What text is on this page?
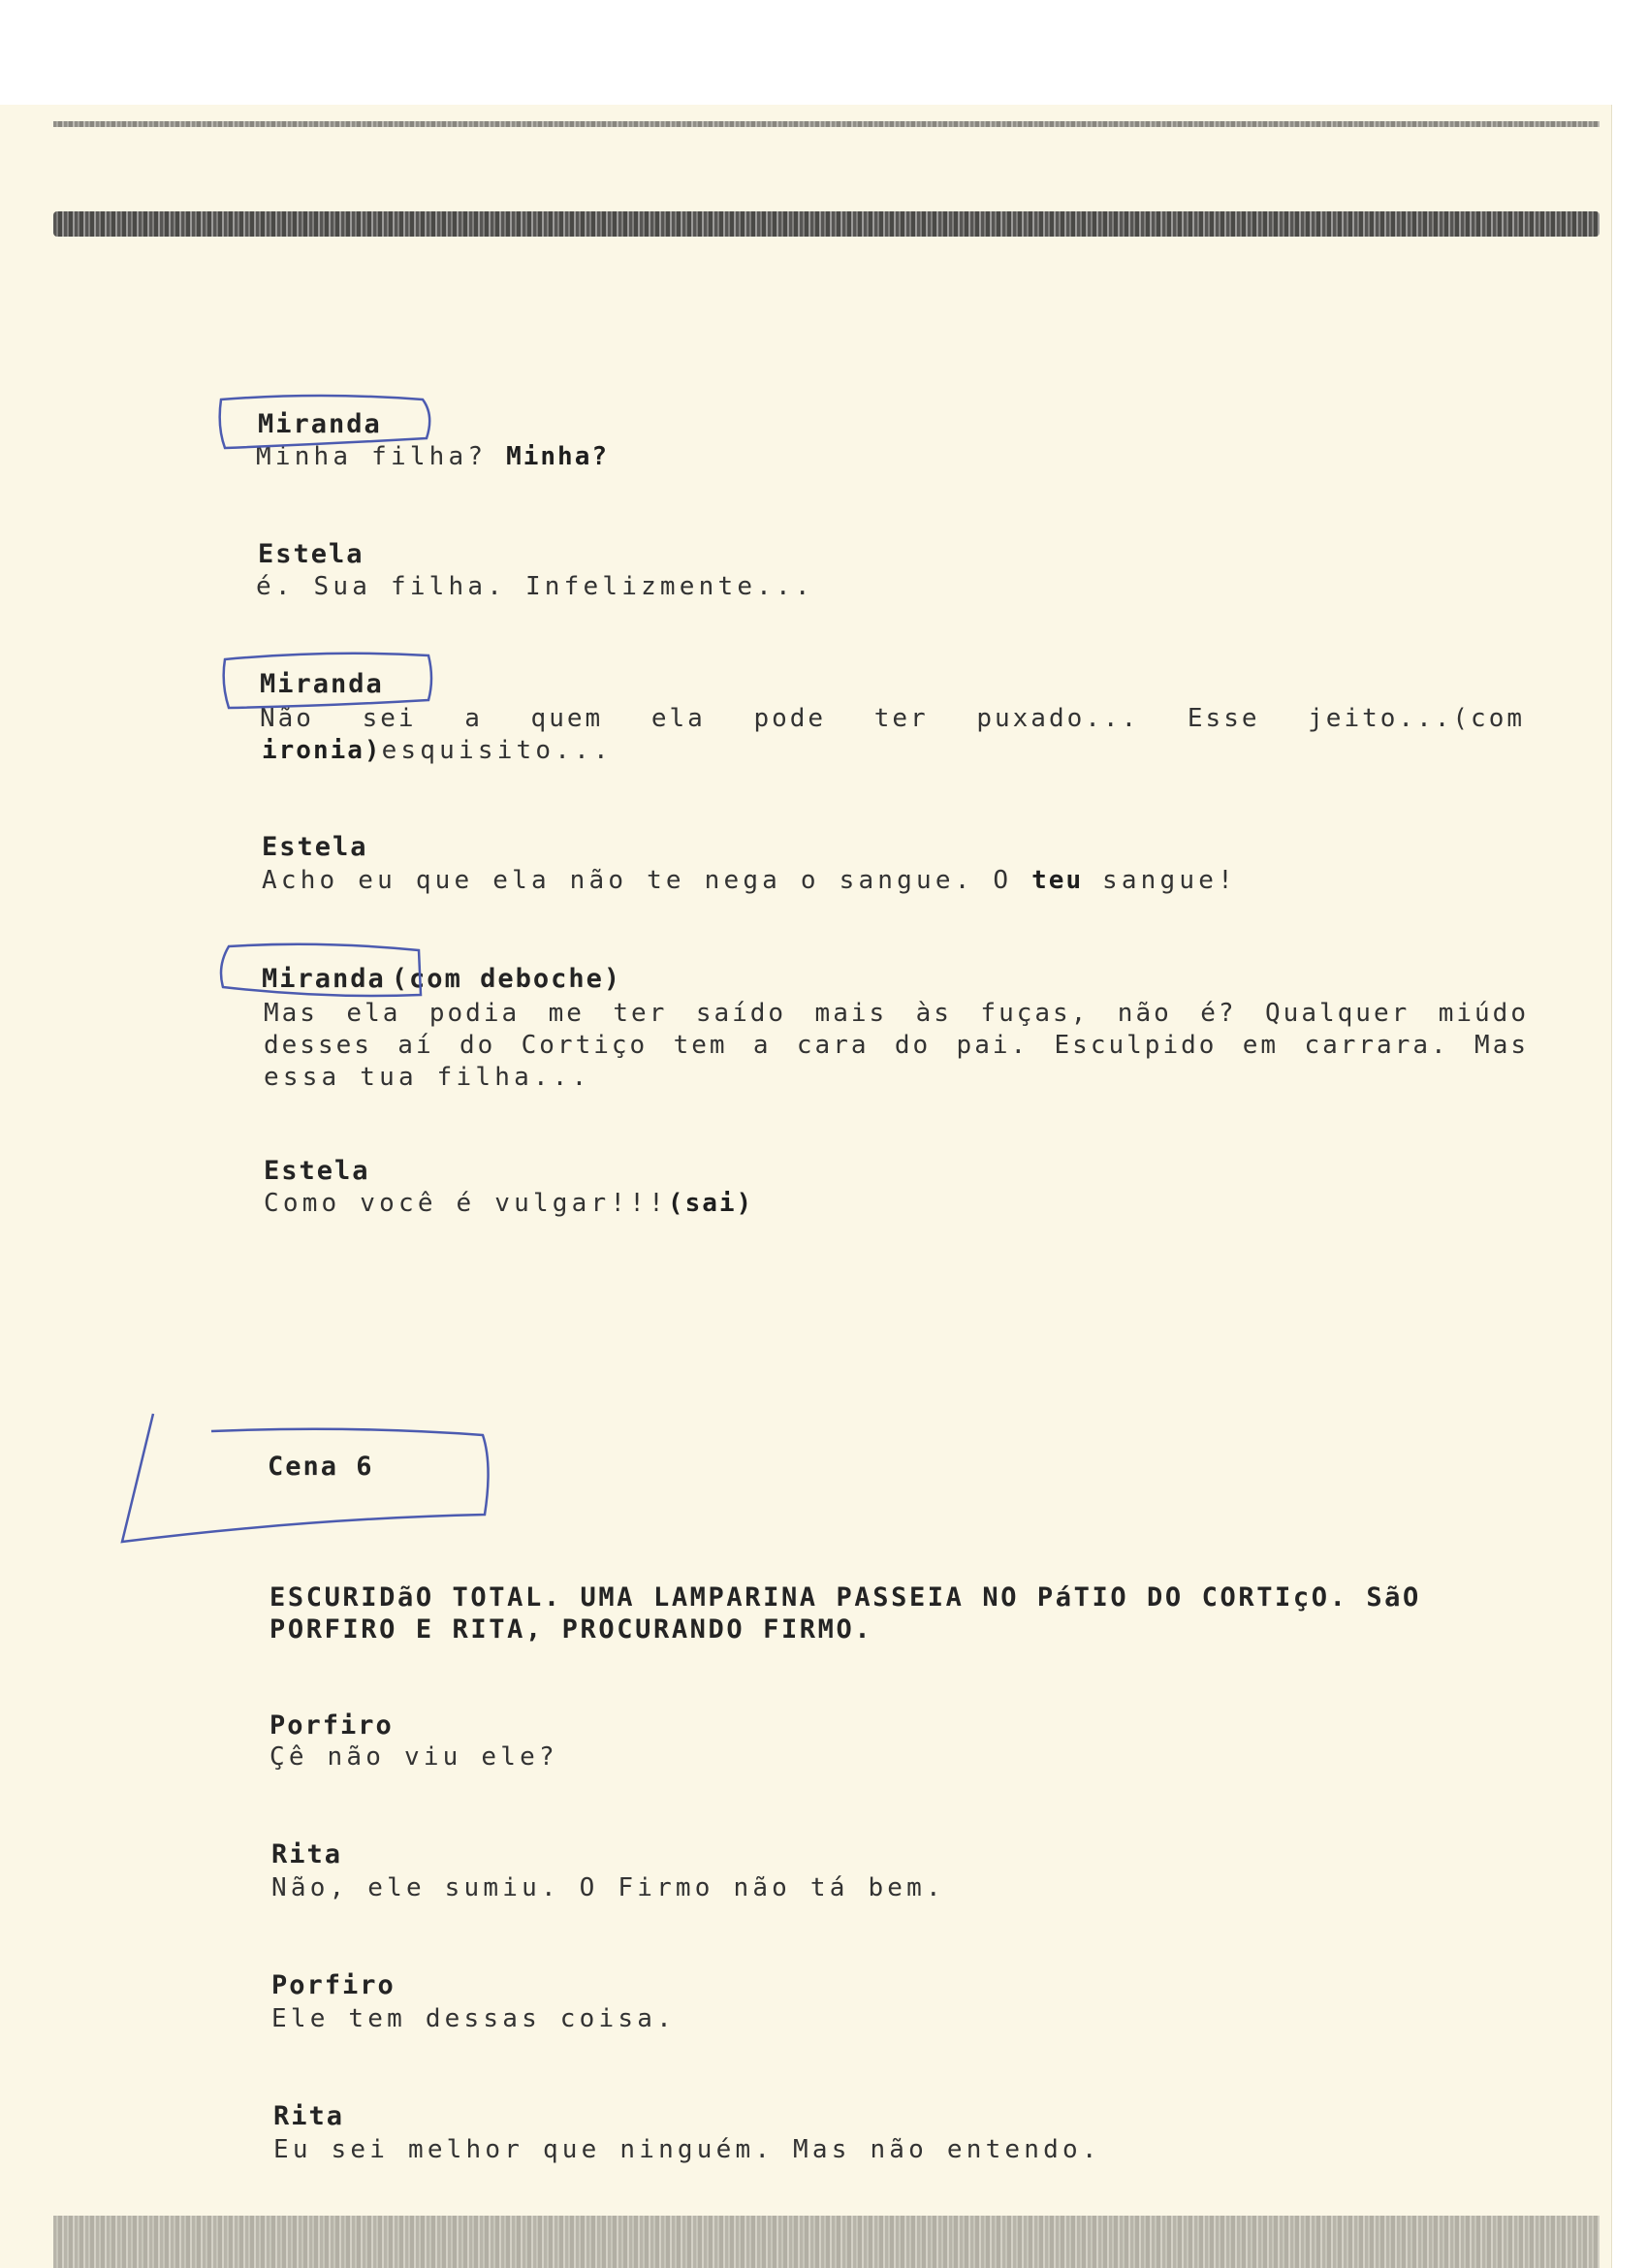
Miranda
Minha filha? Minha?
Estela
é. Sua filha. Infelizmente...
Miranda
Não sei a quem ela pode ter puxado... Esse jeito...(com
ironia)esquisito...
Estela
Acho eu que ela não te nega o sangue. O teu sangue!
Miranda (com deboche)
Mas ela podia me ter saído mais às fuças, não é? Qualquer miúdo
desses aí do Cortiço tem a cara do pai. Esculpido em carrara. Mas
essa tua filha...
Estela
Como você é vulgar!!!(sai)
Cena 6
ESCURIDãO TOTAL. UMA LAMPARINA PASSEIA NO PáTIO DO CORTIçO. SãO
PORFIRO E RITA, PROCURANDO FIRMO.
Porfiro
Çê não viu ele?
Rita
Não, ele sumiu. O Firmo não tá bem.
Porfiro
Ele tem dessas coisa.
Rita
Eu sei melhor que ninguém. Mas não entendo.
